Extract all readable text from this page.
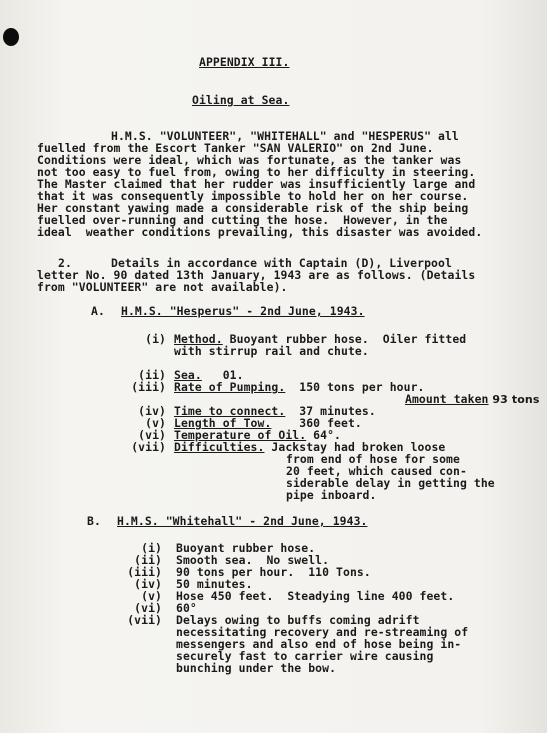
APPENDIX III.
Oiling at Sea.
H.M.S. "VOLUNTEER", "WHITEHALL" and "HESPERUS" all
fuelled from the Escort Tanker "SAN VALERIO" on 2nd June.
Conditions were ideal, which was fortunate, as the tanker was
not too easy to fuel from, owing to her difficulty in steering.
The Master claimed that her rudder was insufficiently large and
that it was consequently impossible to hold her on her course.
Her constant yawing made a considerable risk of the ship being
fuelled over-running and cutting the hose.  However, in the
ideal  weather conditions prevailing, this disaster was avoided.
2.	Details in accordance with Captain (D), Liverpool
letter No. 90 dated 13th January, 1943 are as follows. (Details
from "VOLUNTEER" are not available).
A. H.M.S. "Hesperus" - 2nd June, 1943.
(i) Method. Buoyant rubber hose.  Oiler fitted
with stirrup rail and chute.
(ii) Sea.   01.
(iii) Rate of Pumping.  150 tons per hour.
Amount taken 93 tons
(iv) Time to connect.  37 minutes.
(v) Length of Tow.    360 feet.
(vi) Temperature of Oil. 64°.
(vii) Difficulties. Jackstay had broken loose
from end of hose for some
20 feet, which caused con-
siderable delay in getting the
pipe inboard.
B. H.M.S. "Whitehall" - 2nd June, 1943.
(i) Buoyant rubber hose.
(ii) Smooth sea.  No swell.
(iii) 90 tons per hour.  110 Tons.
(iv) 50 minutes.
(v) Hose 450 feet.  Steadying line 400 feet.
(vi) 60°
(vii) Delays owing to buffs coming adrift
necessitating recovery and re-streaming of
messengers and also end of hose being in-
securely fast to carrier wire causing
bunching under the bow.
